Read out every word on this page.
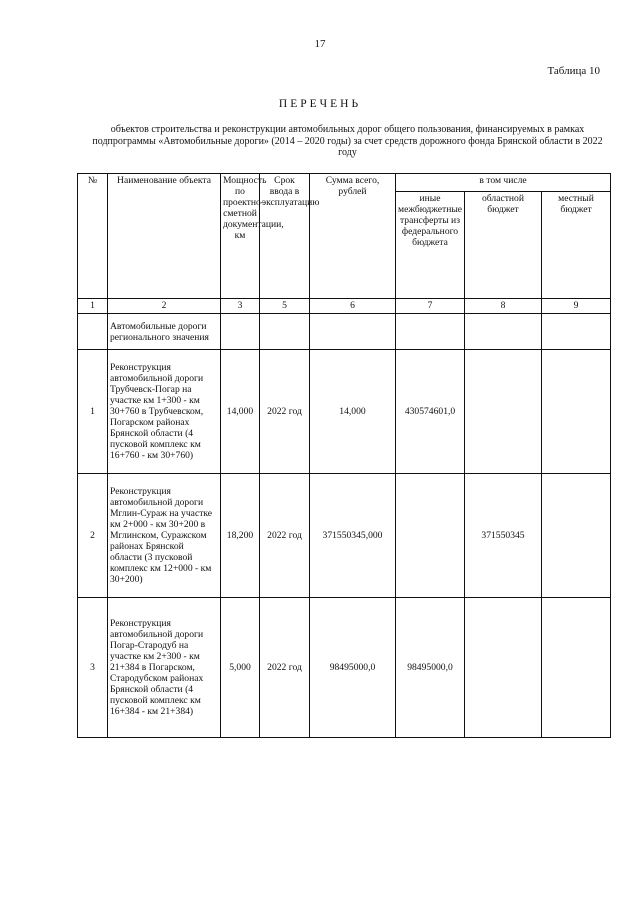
17
Таблица 10
ПЕРЕЧЕНЬ
объектов строительства и реконструкции автомобильных дорог общего пользования, финансируемых в рамках подпрограммы «Автомобильные дороги» (2014 – 2020 годы) за счет средств дорожного фонда Брянской области в 2022 году
№	Наименование объекта	Мощность по проектно-сметной документации, км	Срок ввода в эксплуатацию	Сумма всего, рублей	в том числе		
					иные межбюджетные трансферты из федерального бюджета	областной бюджет	местный бюджет
1	2	3	5	6	7	8	9
	Автомобильные дороги регионального значения						
1	Реконструкция автомобильной дороги Трубчевск-Погар на участке км 1+300 - км 30+760 в Трубчевском, Погарском районах Брянской области (4 пусковой комплекс км 16+760 - км 30+760)	14,000	2022 год	14,000	430574601,0		
2	Реконструкция автомобильной дороги Мглин-Сураж на участке км 2+000 - км 30+200 в Мглинском, Суражском районах Брянской области (3 пусковой комплекс км 12+000 - км 30+200)	18,200	2022 год	371550345,000		371550345	
3	Реконструкция автомобильной дороги Погар-Стародуб на участке км 2+300 - км 21+384 в Погарском, Стародубском районах Брянской области (4 пусковой комплекс км 16+384 - км 21+384)	5,000	2022 год	98495000,0	98495000,0		
